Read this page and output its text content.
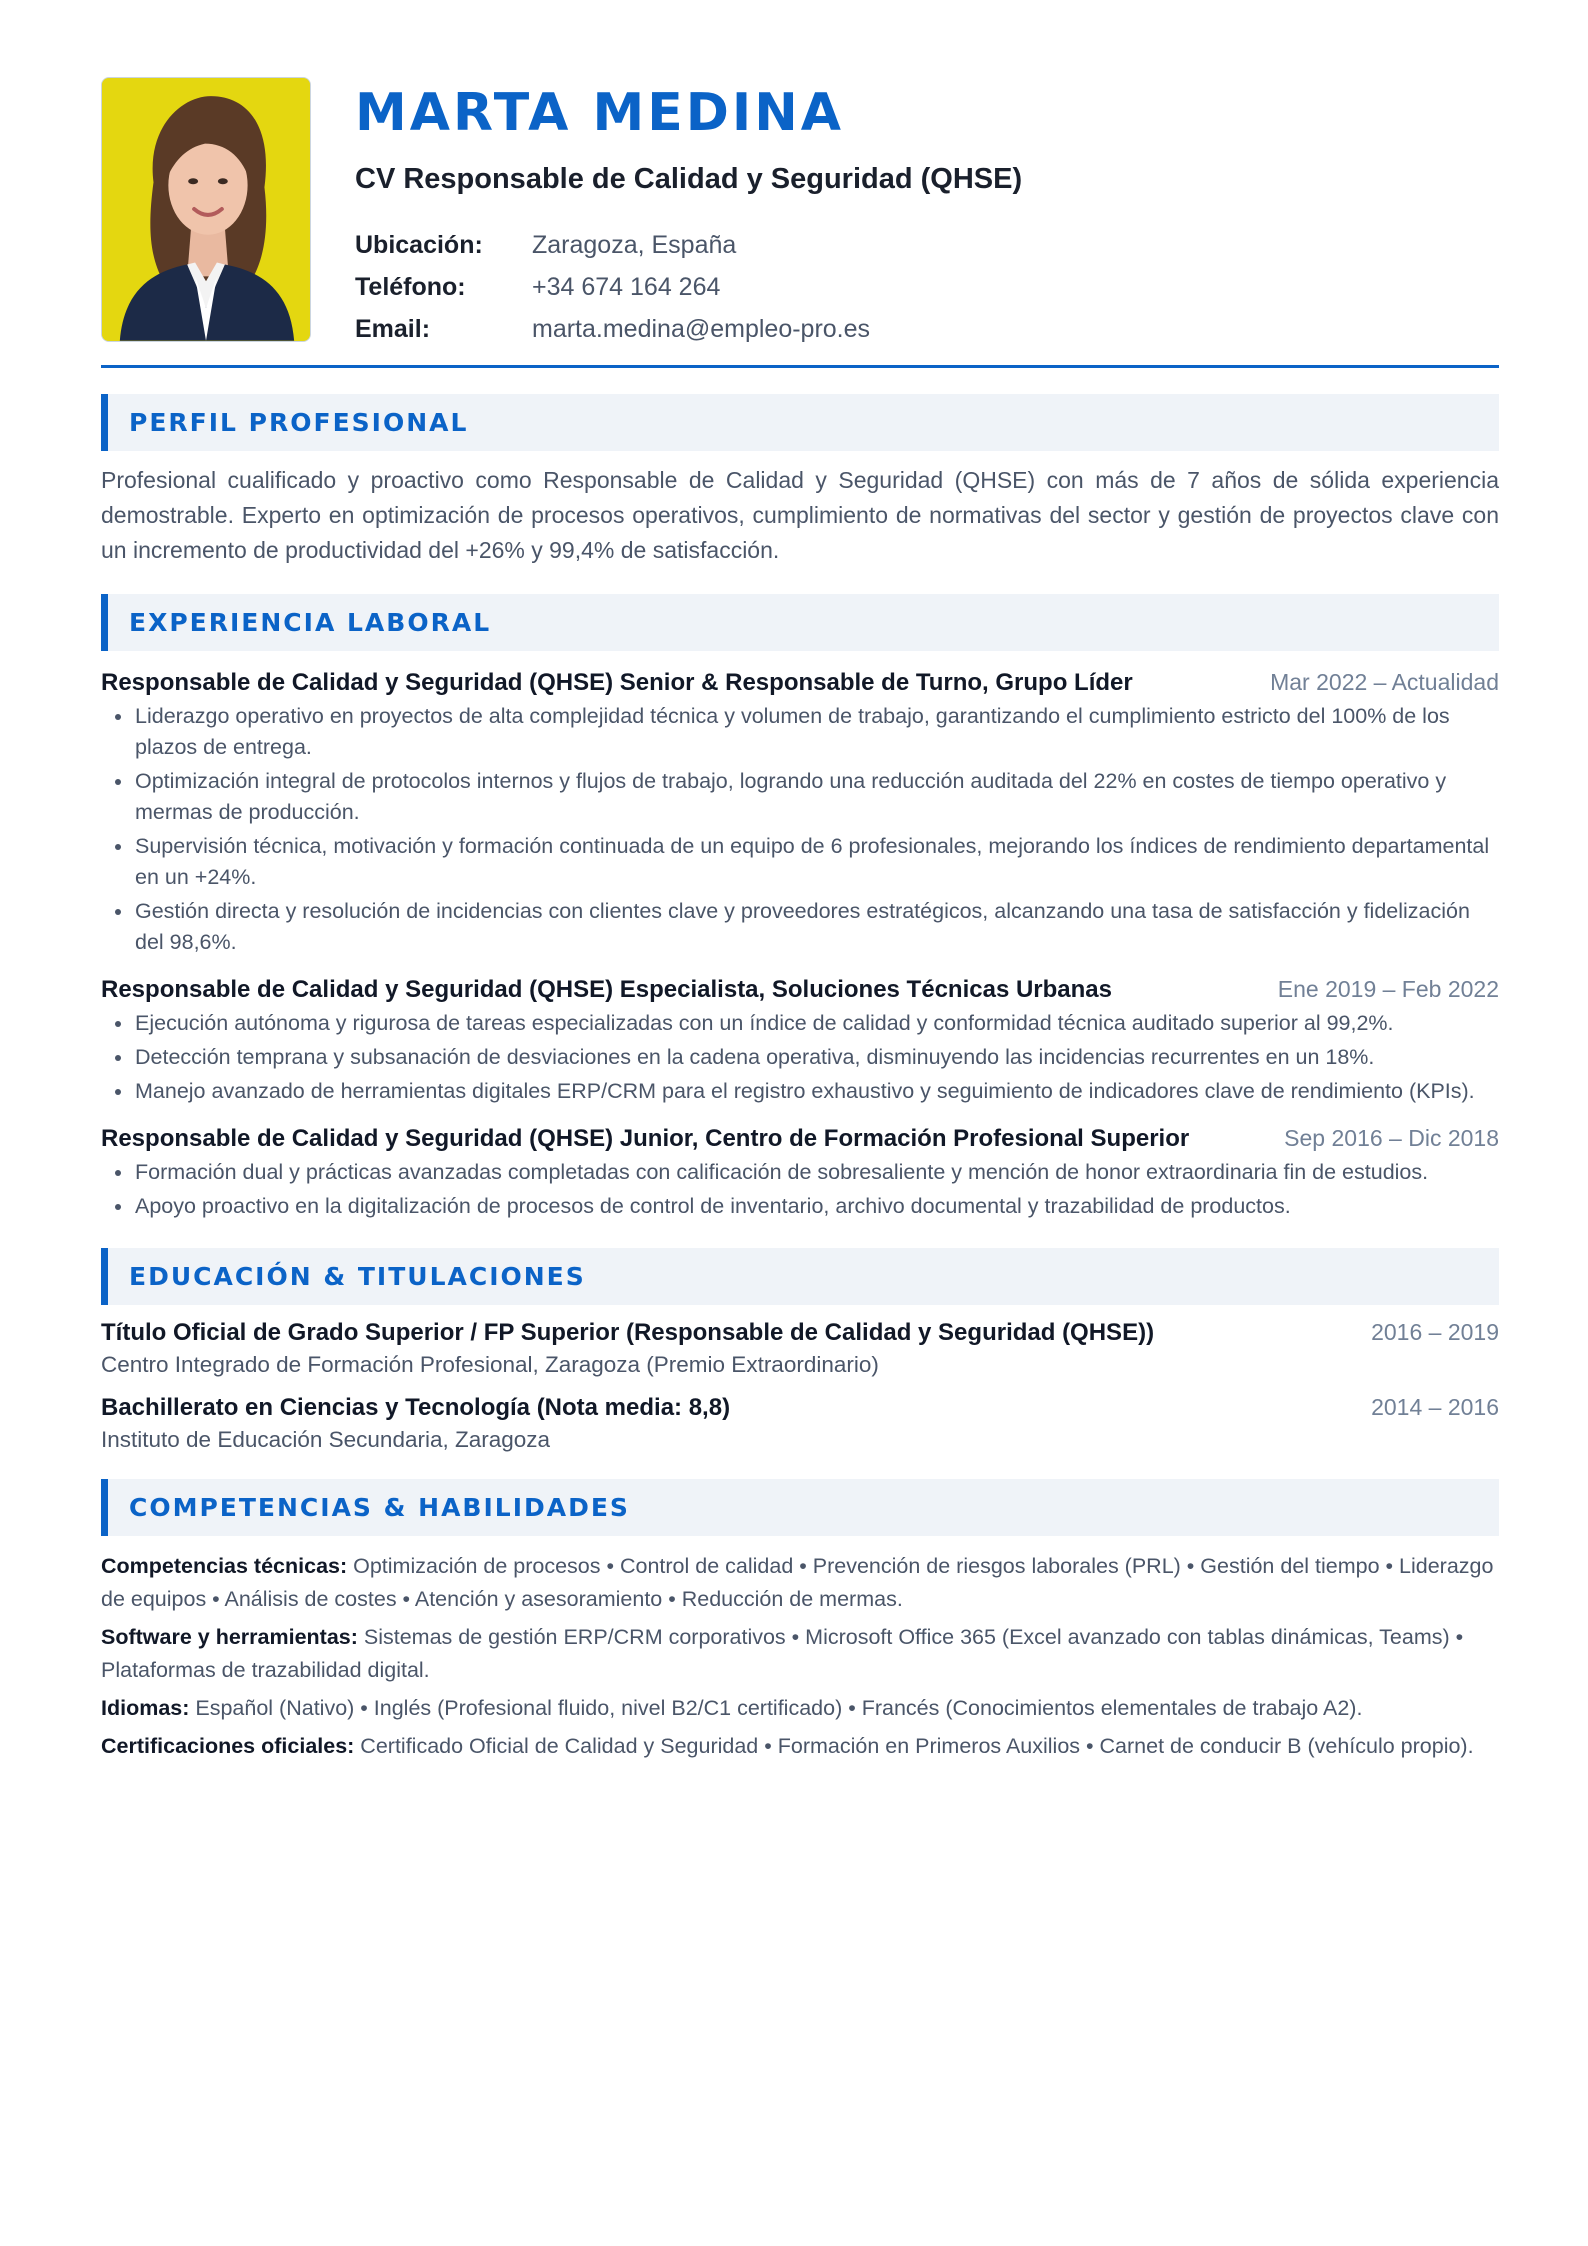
MARTA MEDINA
CV Responsable de Calidad y Seguridad (QHSE)
Ubicación:	Zaragoza, España
Teléfono:	+34 674 164 264
Email:	marta.medina@empleo-pro.es
PERFIL PROFESIONAL

Profesional cualificado y proactivo como Responsable de Calidad y Seguridad (QHSE) con más de 7 años de sólida experiencia demostrable. Experto en optimización de procesos operativos, cumplimiento de normativas del sector y gestión de proyectos clave con un incremento de productividad del +26% y 99,4% de satisfacción.

EXPERIENCIA LABORAL
Responsable de Calidad y Seguridad (QHSE) Senior & Responsable de Turno, Grupo Líder	Mar 2022 – Actualidad
Liderazgo operativo en proyectos de alta complejidad técnica y volumen de trabajo, garantizando el cumplimiento estricto del 100% de los plazos de entrega.
Optimización integral de protocolos internos y flujos de trabajo, logrando una reducción auditada del 22% en costes de tiempo operativo y mermas de producción.
Supervisión técnica, motivación y formación continuada de un equipo de 6 profesionales, mejorando los índices de rendimiento departamental en un +24%.
Gestión directa y resolución de incidencias con clientes clave y proveedores estratégicos, alcanzando una tasa de satisfacción y fidelización del 98,6%.
Responsable de Calidad y Seguridad (QHSE) Especialista, Soluciones Técnicas Urbanas	Ene 2019 – Feb 2022
Ejecución autónoma y rigurosa de tareas especializadas con un índice de calidad y conformidad técnica auditado superior al 99,2%.
Detección temprana y subsanación de desviaciones en la cadena operativa, disminuyendo las incidencias recurrentes en un 18%.
Manejo avanzado de herramientas digitales ERP/CRM para el registro exhaustivo y seguimiento de indicadores clave de rendimiento (KPIs).
Responsable de Calidad y Seguridad (QHSE) Junior, Centro de Formación Profesional Superior	Sep 2016 – Dic 2018
Formación dual y prácticas avanzadas completadas con calificación de sobresaliente y mención de honor extraordinaria fin de estudios.
Apoyo proactivo en la digitalización de procesos de control de inventario, archivo documental y trazabilidad de productos.
EDUCACIÓN & TITULACIONES
Título Oficial de Grado Superior / FP Superior (Responsable de Calidad y Seguridad (QHSE))	2016 – 2019
Centro Integrado de Formación Profesional, Zaragoza (Premio Extraordinario)
Bachillerato en Ciencias y Tecnología (Nota media: 8,8)	2014 – 2016
Instituto de Educación Secundaria, Zaragoza
COMPETENCIAS & HABILIDADES

Competencias técnicas: Optimización de procesos • Control de calidad • Prevención de riesgos laborales (PRL) • Gestión del tiempo • Liderazgo de equipos • Análisis de costes • Atención y asesoramiento • Reducción de mermas.

Software y herramientas: Sistemas de gestión ERP/CRM corporativos • Microsoft Office 365 (Excel avanzado con tablas dinámicas, Teams) • Plataformas de trazabilidad digital.

Idiomas: Español (Nativo) • Inglés (Profesional fluido, nivel B2/C1 certificado) • Francés (Conocimientos elementales de trabajo A2).

Certificaciones oficiales: Certificado Oficial de Calidad y Seguridad • Formación en Primeros Auxilios • Carnet de conducir B (vehículo propio).
